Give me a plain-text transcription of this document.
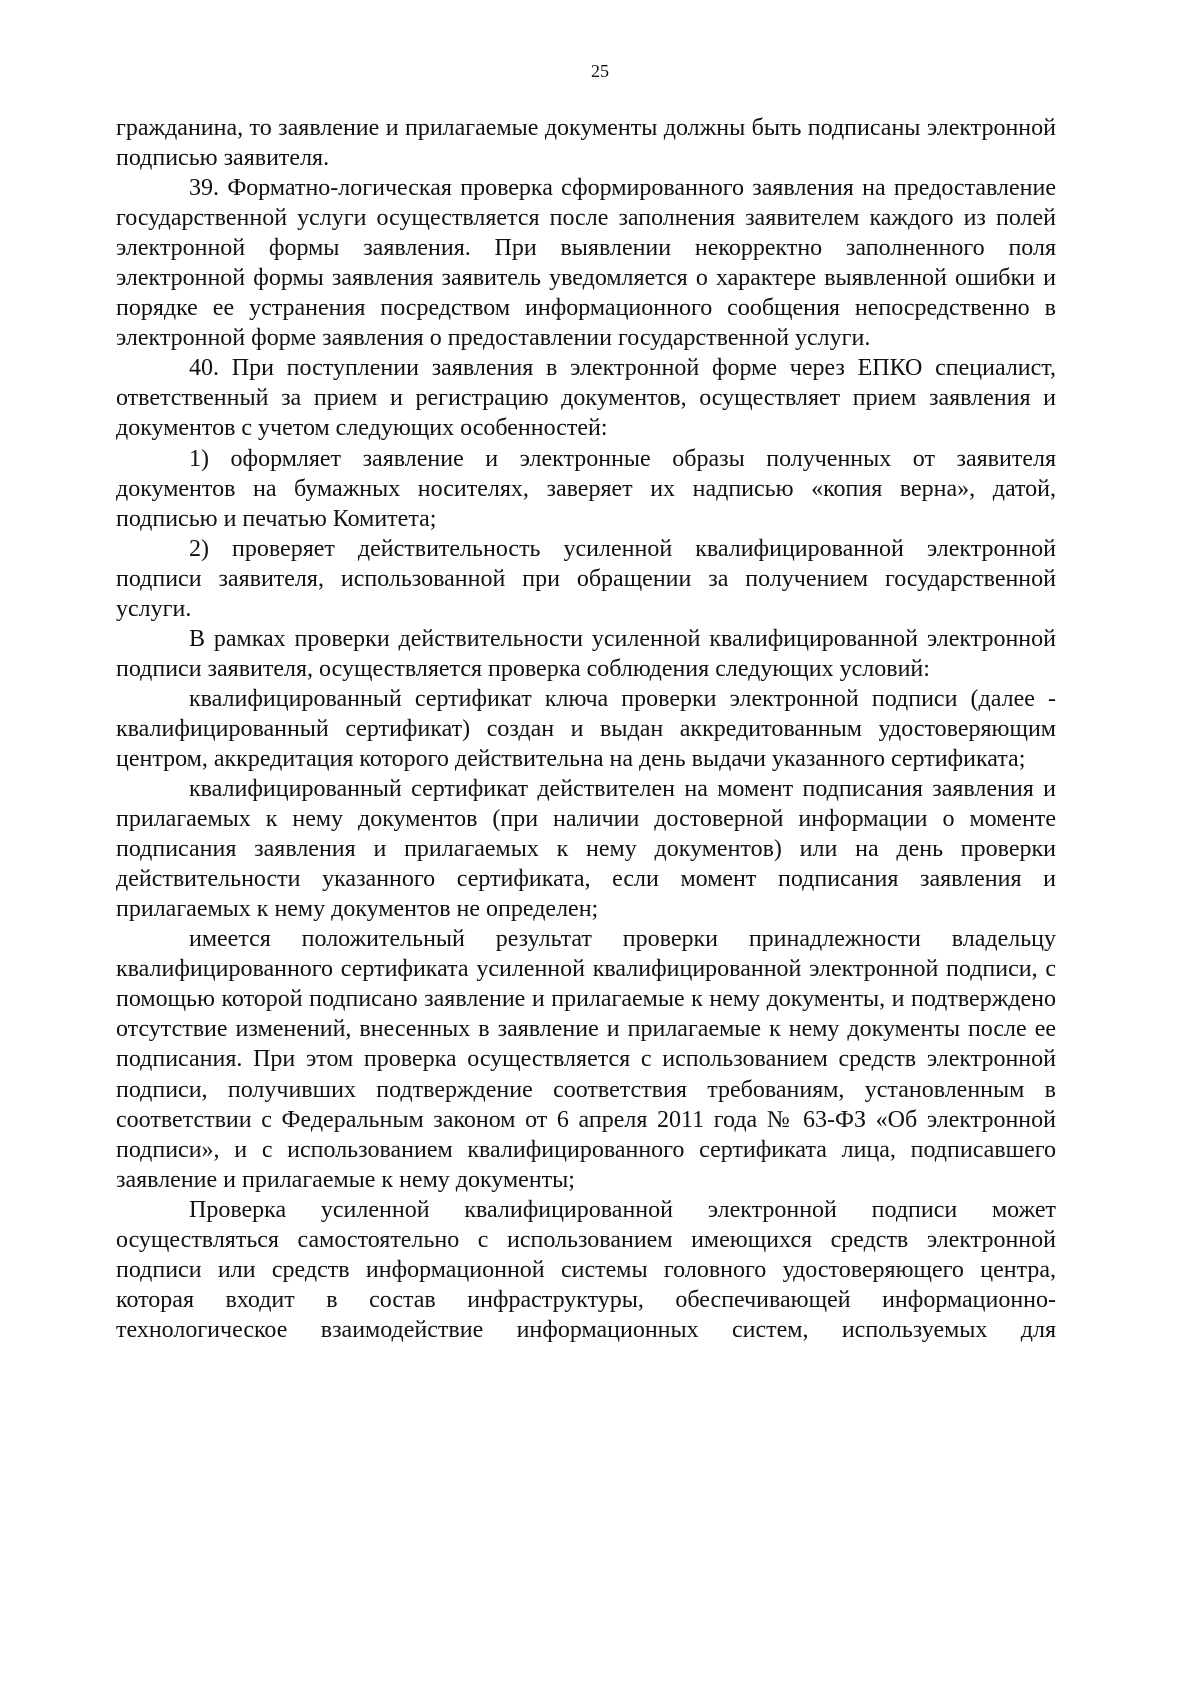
25

гражданина, то заявление и прилагаемые документы должны быть подписаны электронной подписью заявителя.

39. Форматно-логическая проверка сформированного заявления на предоставление государственной услуги осуществляется после заполнения заявителем каждого из полей электронной формы заявления. При выявлении некорректно заполненного поля электронной формы заявления заявитель уведомляется о характере выявленной ошибки и порядке ее устранения посредством информационного сообщения непосредственно в электронной форме заявления о предоставлении государственной услуги.

40. При поступлении заявления в электронной форме через ЕПКО специалист, ответственный за прием и регистрацию документов, осуществляет прием заявления и документов с учетом следующих особенностей:

1) оформляет заявление и электронные образы полученных от заявителя документов на бумажных носителях, заверяет их надписью «копия верна», датой, подписью и печатью Комитета;

2) проверяет действительность усиленной квалифицированной электронной подписи заявителя, использованной при обращении за получением государственной услуги.

В рамках проверки действительности усиленной квалифицированной электронной подписи заявителя, осуществляется проверка соблюдения следующих условий:

квалифицированный сертификат ключа проверки электронной подписи (далее - квалифицированный сертификат) создан и выдан аккредитованным удостоверяющим центром, аккредитация которого действительна на день выдачи указанного сертификата;

квалифицированный сертификат действителен на момент подписания заявления и прилагаемых к нему документов (при наличии достоверной информации о моменте подписания заявления и прилагаемых к нему документов) или на день проверки действительности указанного сертификата, если момент подписания заявления и прилагаемых к нему документов не определен;

имеется положительный результат проверки принадлежности владельцу квалифицированного сертификата усиленной квалифицированной электронной подписи, с помощью которой подписано заявление и прилагаемые к нему документы, и подтверждено отсутствие изменений, внесенных в заявление и прилагаемые к нему документы после ее подписания. При этом проверка осуществляется с использованием средств электронной подписи, получивших подтверждение соответствия требованиям, установленным в соответствии с Федеральным законом от 6 апреля 2011 года № 63-ФЗ «Об электронной подписи», и с использованием квалифицированного сертификата лица, подписавшего заявление и прилагаемые к нему документы;

Проверка усиленной квалифицированной электронной подписи может осуществляться самостоятельно с использованием имеющихся средств электронной подписи или средств информационной системы головного удостоверяющего центра, которая входит в состав инфраструктуры, обеспечивающей информационно-технологическое взаимодействие информационных систем, используемых для
